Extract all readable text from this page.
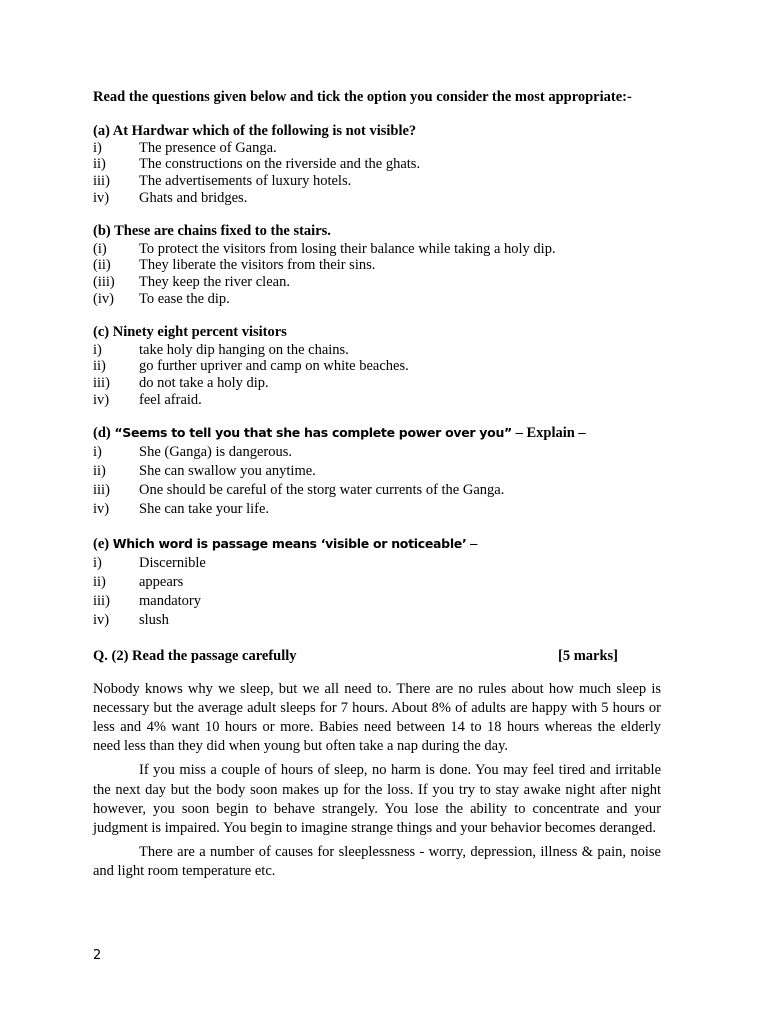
Read the questions given below and tick the option you consider the most appropriate:-

(a) At Hardwar which of the following is not visible?

i)	The presence of Ganga.
ii)	The constructions on the riverside and the ghats.
iii)	The advertisements of luxury hotels.
iv)	Ghats and bridges.

(b) These are chains fixed to the stairs.

(i)	To protect the visitors from losing their balance while taking a holy dip.
(ii)	They liberate the visitors from their sins.
(iii)	They keep the river clean.
(iv)	To ease the dip.

(c) Ninety eight percent visitors

i)	take holy dip hanging on the chains.
ii)	go further upriver and camp on white beaches.
iii)	do not take a holy dip.
iv)	feel afraid.

(d) “Seems to tell you that she has complete power over you” – Explain –

i)	She (Ganga) is dangerous.
ii)	She can swallow you anytime.
iii)	One should be careful of the storg water currents of the Ganga.
iv)	She can take your life.

(e) Which word is passage means ‘visible or noticeable’ –

i)	Discernible
ii)	appears
iii)	mandatory
iv)	slush
Q. (2) Read the passage carefully	[5 marks]

Nobody knows why we sleep, but we all need to. There are no rules about how much sleep is necessary but the average adult sleeps for 7 hours. About 8% of adults are happy with 5 hours or less and 4% want 10 hours or more. Babies need between 14 to 18 hours whereas the elderly need less than they did when young but often take a nap during the day.

If you miss a couple of hours of sleep, no harm is done. You may feel tired and irritable the next day but the body soon makes up for the loss. If you try to stay awake night after night however, you soon begin to behave strangely. You lose the ability to concentrate and your judgment is impaired. You begin to imagine strange things and your behavior becomes deranged.

There are a number of causes for sleeplessness - worry, depression, illness & pain, noise and light room temperature etc.

2
